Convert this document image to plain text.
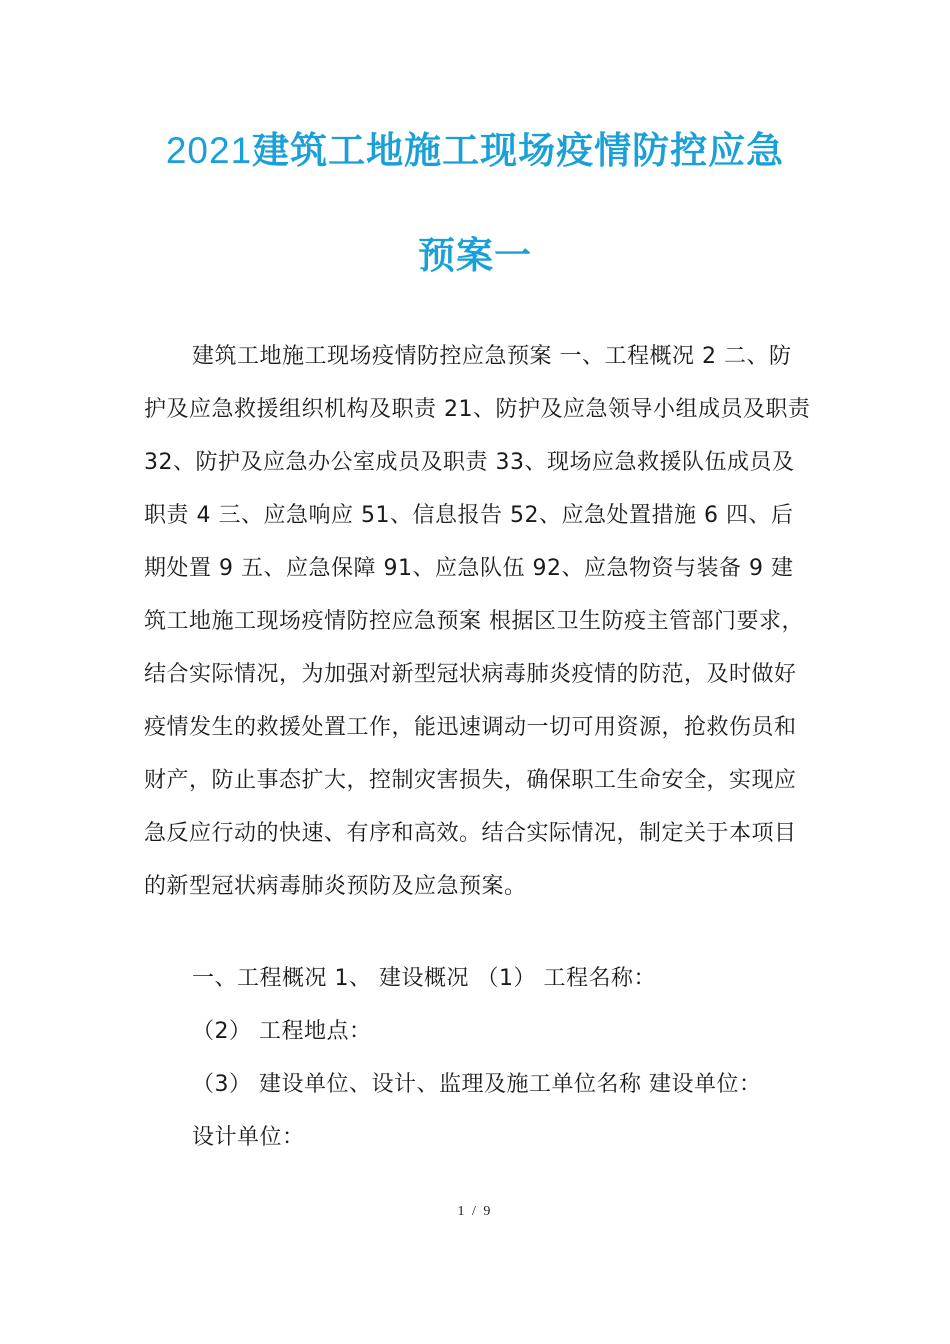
2021建筑工地施工现场疫情防控应急
预案一

建筑工地施工现场疫情防控应急预案 一、工程概况 2 二、防护及应急救援组织机构及职责 21、防护及应急领导小组成员及职责 32、防护及应急办公室成员及职责 33、现场应急救援队伍成员及职责 4 三、应急响应 51、信息报告 52、应急处置措施 6 四、后期处置 9 五、应急保障 91、应急队伍 92、应急物资与装备 9 建筑工地施工现场疫情防控应急预案 根据区卫生防疫主管部门要求，结合实际情况，为加强对新型冠状病毒肺炎疫情的防范，及时做好疫情发生的救援处置工作，能迅速调动一切可用资源，抢救伤员和财产，防止事态扩大，控制灾害损失，确保职工生命安全，实现应急反应行动的快速、有序和高效。结合实际情况，制定关于本项目的新型冠状病毒肺炎预防及应急预案。

一、工程概况 1、 建设概况 （1） 工程名称：

（2） 工程地点：

（3） 建设单位、设计、监理及施工单位名称 建设单位：

设计单位：

1 / 9
